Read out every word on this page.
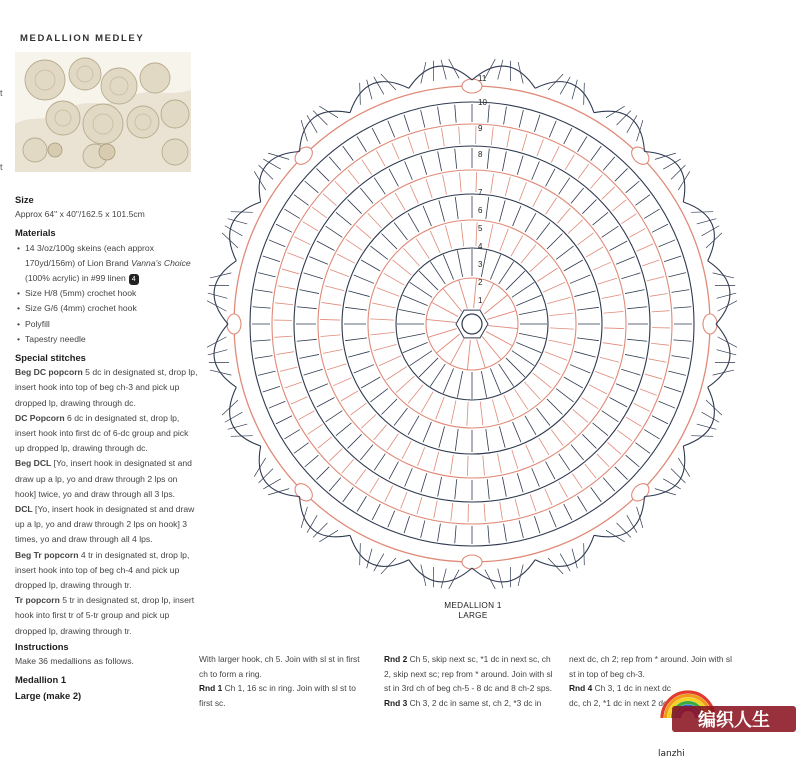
MEDALLION MEDLEY
t
t
Size

Approx 64" x 40"/162.5 x 101.5cm

Materials
• 14 3/oz/100g skeins (each approx
170yd/156m) of Lion Brand Vanna's Choice
(100% acrylic) in #99 linen 4
• Size H/8 (5mm) crochet hook
• Size G/6 (4mm) crochet hook
• Polyfill
• Tapestry needle
Special stitches

Beg DC popcorn 5 dc in designated st, drop lp, insert hook into top of beg ch-3 and pick up dropped lp, drawing through dc.

DC Popcorn 6 dc in designated st, drop lp, insert hook into first dc of 6-dc group and pick up dropped lp, drawing through dc.

Beg DCL [Yo, insert hook in designated st and draw up a lp, yo and draw through 2 lps on hook] twice, yo and draw through all 3 lps.

DCL [Yo, insert hook in designated st and draw up a lp, yo and draw through 2 lps on hook] 3 times, yo and draw through all 4 lps.

Beg Tr popcorn 4 tr in designated st, drop lp, insert hook into top of beg ch-4 and pick up dropped lp, drawing through tr.

Tr popcorn 5 tr in designated st, drop lp, insert hook into first tr of 5-tr group and pick up dropped lp, drawing through tr.

Instructions

Make 36 medallions as follows.

Medallion 1
Large (make 2)
1
2
3
4
5
6
7
8
9
10
11
MEDALLION 1
LARGE
With larger hook, ch 5. Join with sl st in first
ch to form a ring.
Rnd 1 Ch 1, 16 sc in ring. Join with sl st to
first sc.
Rnd 2 Ch 5, skip next sc, *1 dc in next sc, ch
2, skip next sc; rep from * around. Join with sl
st in 3rd ch of beg ch-5 - 8 dc and 8 ch-2 sps.
Rnd 3 Ch 3, 2 dc in same st, ch 2, *3 dc in
next dc, ch 2; rep from * around. Join with sl
st in top of beg ch-3.
Rnd 4 Ch 3, 1 dc in next dc
dc, ch 2, *1 dc in next 2 dc
编织人生
lanzhi
